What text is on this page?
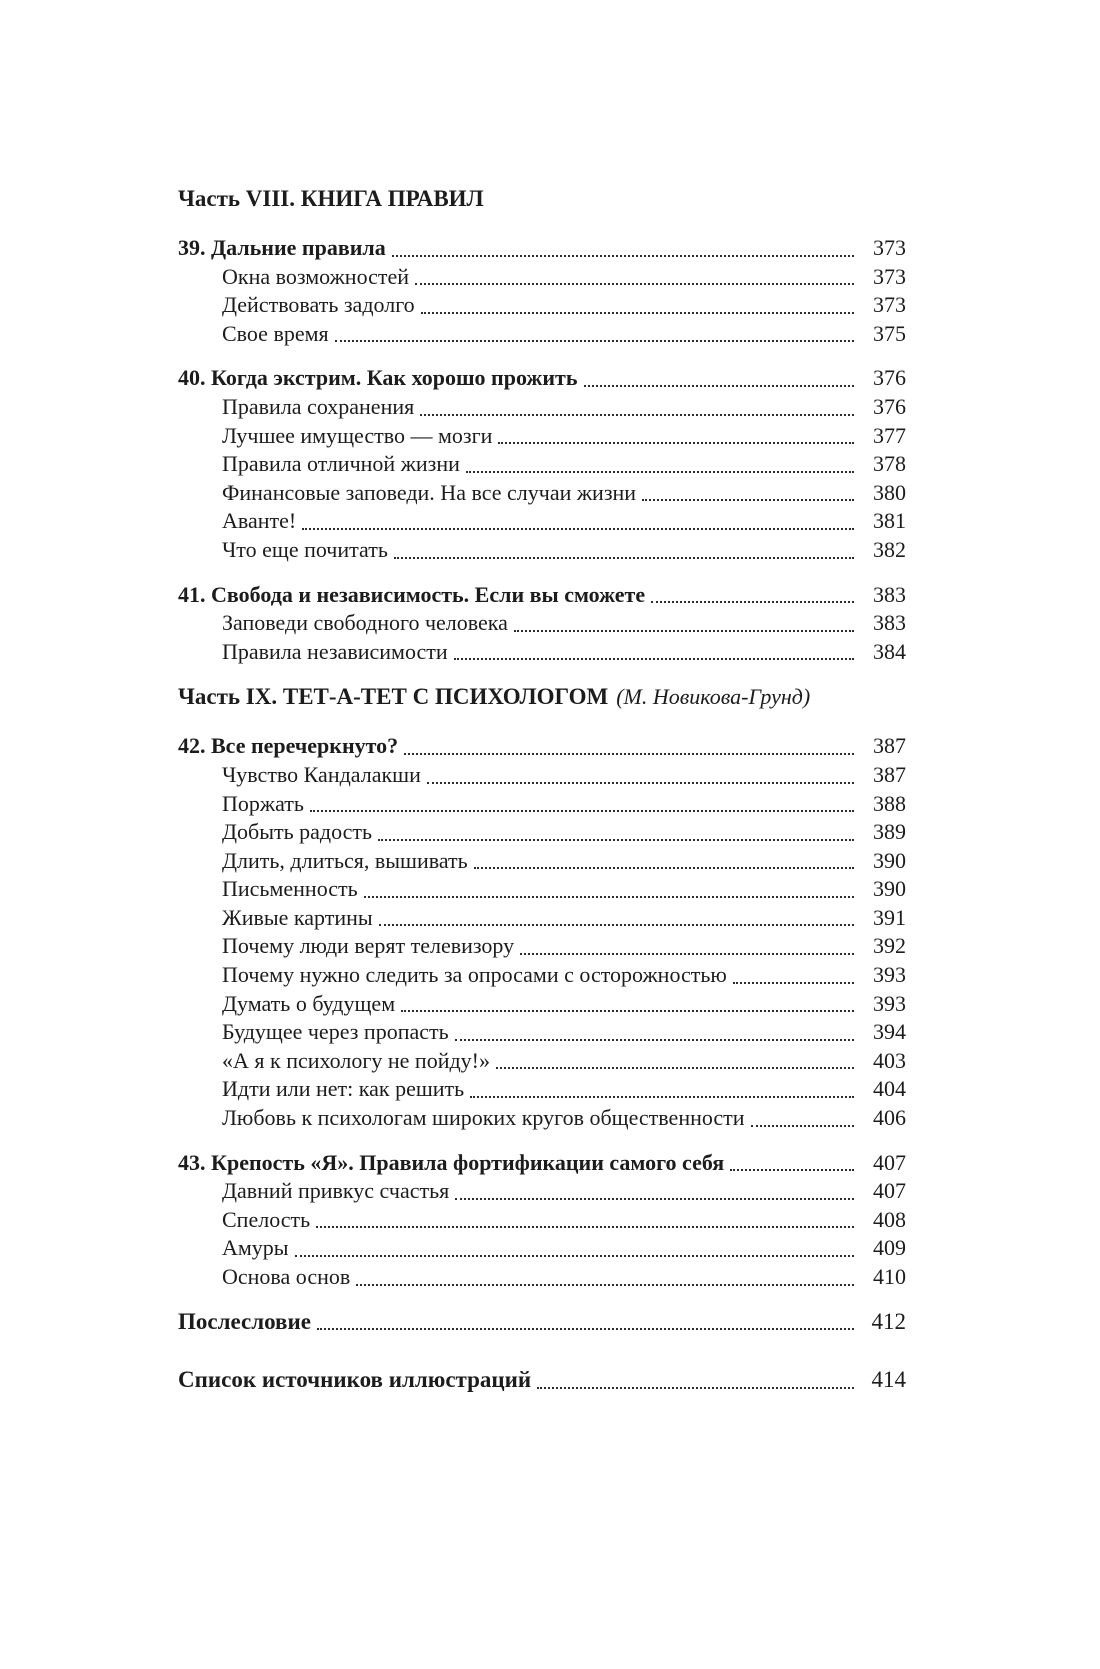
Часть VIII. КНИГА ПРАВИЛ
39. Дальние правила	373
Окна возможностей	373
Действовать задолго	373
Свое время	375
40. Когда экстрим. Как хорошо прожить	376
Правила сохранения	376
Лучшее имущество — мозги	377
Правила отличной жизни	378
Финансовые заповеди. На все случаи жизни	380
Аванте!	381
Что еще почитать	382
41. Свобода и независимость. Если вы сможете	383
Заповеди свободного человека	383
Правила независимости	384
Часть IX. ТЕТ-А-ТЕТ С ПСИХОЛОГОМ (М. Новикова-Грунд)
42. Все перечеркнуто?	387
Чувство Кандалакши	387
Поржать	388
Добыть радость	389
Длить, длиться, вышивать	390
Письменность	390
Живые картины	391
Почему люди верят телевизору	392
Почему нужно следить за опросами с осторожностью	393
Думать о будущем	393
Будущее через пропасть	394
«А я к психологу не пойду!»	403
Идти или нет: как решить	404
Любовь к психологам широких кругов общественности	406
43. Крепость «Я». Правила фортификации самого себя	407
Давний привкус счастья	407
Спелость	408
Амуры	409
Основа основ	410
Послесловие	412
Список источников иллюстраций	414
